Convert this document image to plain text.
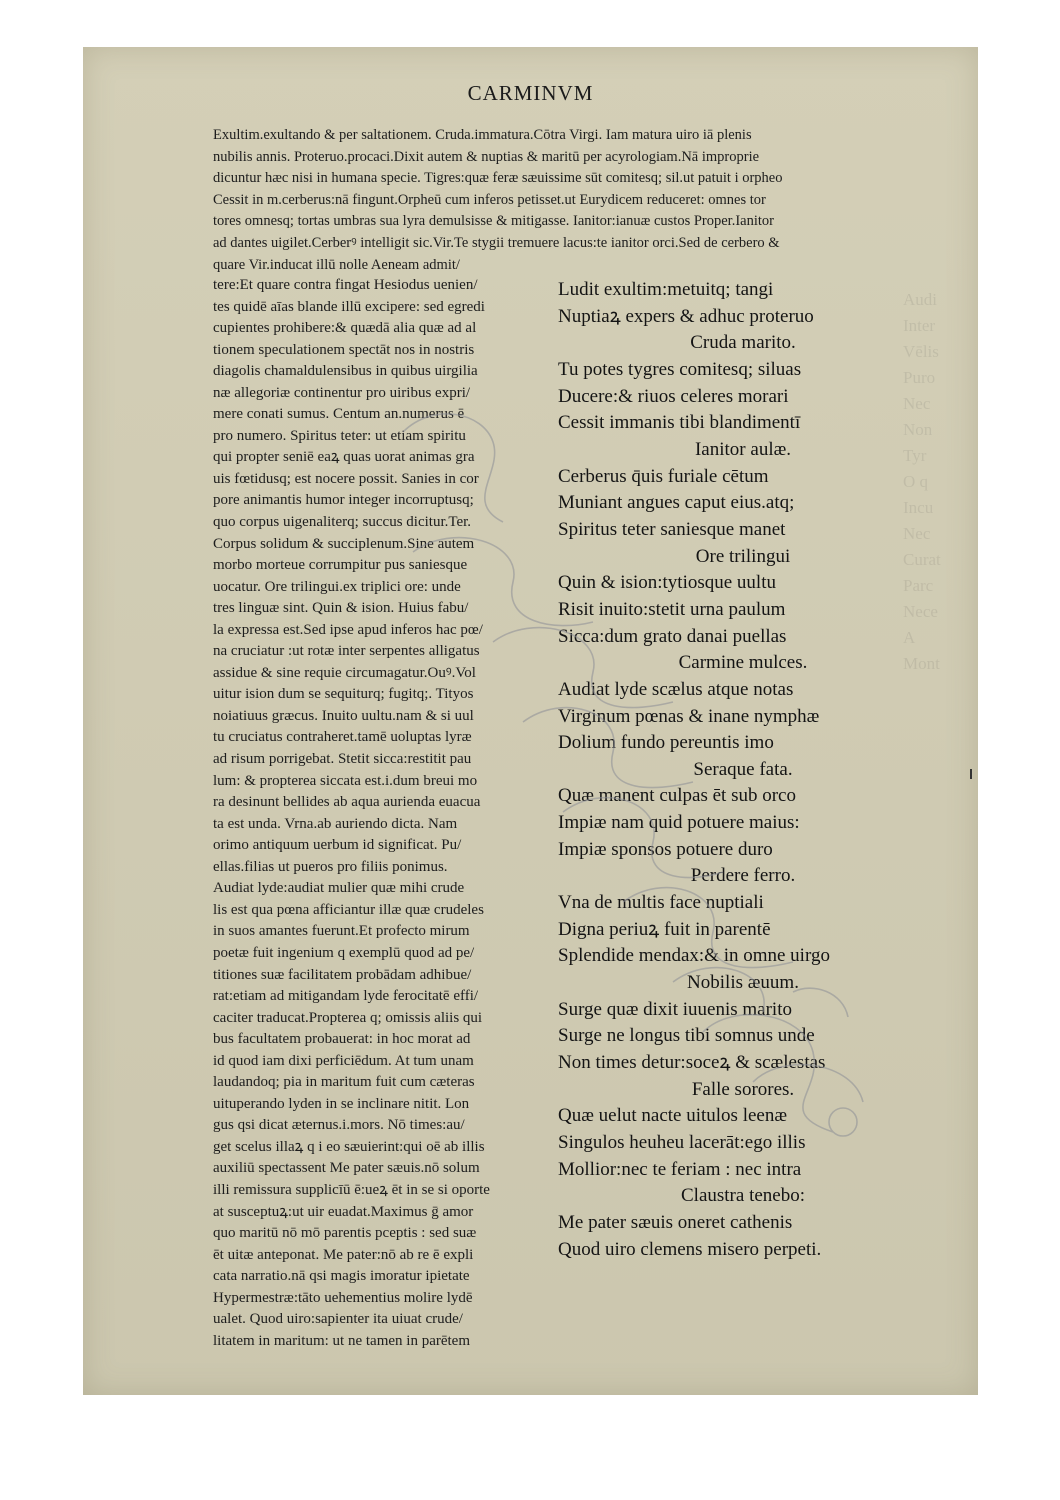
Audi
Inter
Vēlis
Puro
Nec
Non
Tyr
O q
Incu
Nec
Curat
Parc
Nece
A
Mont
CARMINVM
Exultim.exultando & per saltationem. Cruda.immatura.Cōtra Virgi. Iam matura uiro iā plenis
nubilis annis. Proteruo.procaci.Dixit autem & nuptias & maritū per acyrologiam.Nā improprie
dicuntur hæc nisi in humana specie. Tigres:quæ feræ sæuissime sūt comitesq; sil.ut patuit i orpheo
Cessit in m.cerberus:nā fingunt.Orpheū cum inferos petisset.ut Eurydicem reduceret: omnes tor
tores omnesq; tortas umbras sua lyra demulsisse & mitigasse. Ianitor:ianuæ custos Proper.Ianitor
ad dantes uigilet.Cerberꝰ intelligit sic.Vir.Te stygii tremuere lacus:te ianitor orci.Sed de cerbero &
quare Vir.inducat illū nolle Aeneam admit/
tere:Et quare contra fingat Hesiodus uenien/
tes quidē aīas blande illū excipere: sed egredi
cupientes prohibere:& quædā alia quæ ad al
tionem speculationem spectāt nos in nostris
diagolis chamaldulensibus in quibus uirgilia
næ allegoriæ continentur pro uiribus expri/
mere conati sumus. Centum an.numerus ē
pro numero. Spiritus teter: ut etiam spiritu
qui propter seniē eaꝝ quas uorat animas gra
uis fœtidusq; est nocere possit. Sanies in cor
pore animantis humor integer incorruptusq;
quo corpus uigenaliterq; succus dicitur.Ter.
Corpus solidum & succiplenum.Sine autem
morbo morteue corrumpitur pus saniesque
uocatur. Ore trilingui.ex triplici ore: unde
tres linguæ sint. Quin & ision. Huius fabu/
la expressa est.Sed ipse apud inferos hac pœ/
na cruciatur :ut rotæ inter serpentes alligatus
assidue & sine requie circumagatur.Ouꝰ.Vol
uitur ision dum se sequiturq; fugitq;. Tityos
noiatiuus græcus. Inuito uultu.nam & si uul
tu cruciatus contraheret.tamē uoluptas lyræ
ad risum porrigebat. Stetit sicca:restitit pau
lum: & propterea siccata est.i.dum breui mo
ra desinunt bellides ab aqua aurienda euacua
ta est unda. Vrna.ab auriendo dicta. Nam
orimo antiquum uerbum id significat. Pu/
ellas.filias ut pueros pro filiis ponimus.
Audiat lyde:audiat mulier quæ mihi crude
lis est qua pœna afficiantur illæ quæ crudeles
in suos amantes fuerunt.Et profecto mirum
poetæ fuit ingenium q exemplū quod ad pe/
titiones suæ facilitatem probādam adhibue/
rat:etiam ad mitigandam lyde ferocitatē effi/
caciter traducat.Propterea q; omissis aliis qui
bus facultatem probauerat: in hoc morat ad
id quod iam dixi perficiēdum. At tum unam
laudandoq; pia in maritum fuit cum cæteras
uituperando lyden in se inclinare nitit. Lon
gus qsi dicat æternus.i.mors. Nō times:au/
get scelus illaꝝ q i eo sæuierint:qui oē ab illis
auxiliū spectassent Me pater sæuis.nō solum
illi remissura supplicīū ē:ueꝝ ēt in se si oporte
at susceptuꝝ:ut uir euadat.Maximus ḡ amor
quo maritū nō mō parentis pceptis : sed suæ
ēt uitæ anteponat. Me pater:nō ab re ē expli
cata narratio.nā qsi magis imoratur ipietate
Hypermestræ:tāto uehementius molire lydē
ualet. Quod uiro:sapienter ita uiuat crude/
litatem in maritum: ut ne tamen in parētem
Ludit exultim:metuitq; tangi
Nuptiaꝝ expers & adhuc proteruo
Cruda marito.
Tu potes tygres comitesq; siluas
Ducere:& riuos celeres morari
Cessit immanis tibi blandimentī
Ianitor aulæ.
Cerberus q̄uis furiale cētum
Muniant angues caput eius.atq;
Spiritus teter saniesque manet
Ore trilingui
Quin & ision:tytiosque uultu
Risit inuito:stetit urna paulum
Sicca:dum grato danai puellas
Carmine mulces.
Audiat lyde scælus atque notas
Virginum pœnas & inane nymphæ
Dolium fundo pereuntis imo
Seraque fata.
Quæ manent culpas ēt sub orco
Impiæ nam quid potuere maius:
Impiæ sponsos potuere duro
Perdere ferro.
Vna de multis face nuptiali
Digna periuꝝ fuit in parentē
Splendide mendax:& in omne uirgo
Nobilis æuum.
Surge quæ dixit iuuenis marito
Surge ne longus tibi somnus unde
Non times detur:soceꝝ & scælestas
Falle sorores.
Quæ uelut nacte uitulos leenæ
Singulos heuheu lacerāt:ego illis
Mollior:nec te feriam : nec intra
Claustra tenebo:
Me pater sæuis oneret cathenis
Quod uiro clemens misero perpeti.
